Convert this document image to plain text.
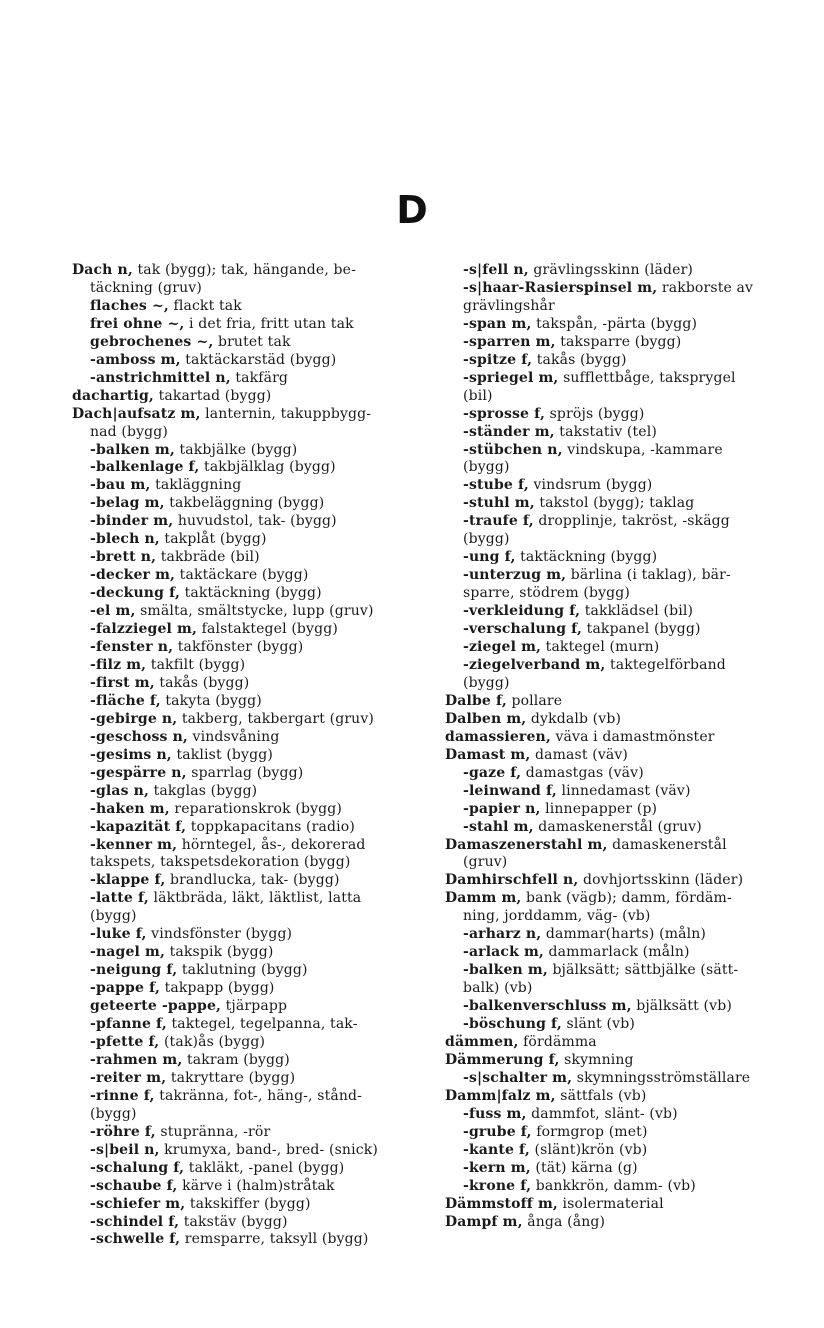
D

Dach n, tak (bygg); tak, hängande, be-

täckning (gruv)

flaches ~, flackt tak

frei ohne ~, i det fria, fritt utan tak

gebrochenes ~, brutet tak

-amboss m, taktäckarstäd (bygg)

-anstrichmittel n, takfärg

dachartig, takartad (bygg)

Dach|aufsatz m, lanternin, takuppbygg-

nad (bygg)

-balken m, takbjälke (bygg)

-balkenlage f, takbjälklag (bygg)

-bau m, takläggning

-belag m, takbeläggning (bygg)

-binder m, huvudstol, tak- (bygg)

-blech n, takplåt (bygg)

-brett n, takbräde (bil)

-decker m, taktäckare (bygg)

-deckung f, taktäckning (bygg)

-el m, smälta, smältstycke, lupp (gruv)

-falzziegel m, falstaktegel (bygg)

-fenster n, takfönster (bygg)

-filz m, takfilt (bygg)

-first m, takås (bygg)

-fläche f, takyta (bygg)

-gebirge n, takberg, takbergart (gruv)

-geschoss n, vindsvåning

-gesims n, taklist (bygg)

-gespärre n, sparrlag (bygg)

-glas n, takglas (bygg)

-haken m, reparationskrok (bygg)

-kapazität f, toppkapacitans (radio)

-kenner m, hörntegel, ås-, dekorerad

takspets, takspetsdekoration (bygg)

-klappe f, brandlucka, tak- (bygg)

-latte f, läktbräda, läkt, läktlist, latta

(bygg)

-luke f, vindsfönster (bygg)

-nagel m, takspik (bygg)

-neigung f, taklutning (bygg)

-pappe f, takpapp (bygg)

geteerte -pappe, tjärpapp

-pfanne f, taktegel, tegelpanna, tak-

-pfette f, (tak)ås (bygg)

-rahmen m, takram (bygg)

-reiter m, takryttare (bygg)

-rinne f, takränna, fot-, häng-, stånd-

(bygg)

-röhre f, stupränna, -rör

-s|beil n, krumyxa, band-, bred- (snick)

-schalung f, takläkt, -panel (bygg)

-schaube f, kärve i (halm)stråtak

-schiefer m, takskiffer (bygg)

-schindel f, takstäv (bygg)

-schwelle f, remsparre, taksyll (bygg)

-s|fell n, grävlingsskinn (läder)

-s|haar-Rasierspinsel m, rakborste av

grävlingshår

-span m, takspån, -pärta (bygg)

-sparren m, taksparre (bygg)

-spitze f, takås (bygg)

-spriegel m, sufflettbåge, taksprygel

(bil)

-sprosse f, spröjs (bygg)

-ständer m, takstativ (tel)

-stübchen n, vindskupa, -kammare

(bygg)

-stube f, vindsrum (bygg)

-stuhl m, takstol (bygg); taklag

-traufe f, dropplinje, takröst, -skägg

(bygg)

-ung f, taktäckning (bygg)

-unterzug m, bärlina (i taklag), bär-

sparre, stödrem (bygg)

-verkleidung f, takklädsel (bil)

-verschalung f, takpanel (bygg)

-ziegel m, taktegel (murn)

-ziegelverband m, taktegelförband

(bygg)

Dalbe f, pollare

Dalben m, dykdalb (vb)

damassieren, väva i damastmönster

Damast m, damast (väv)

-gaze f, damastgas (väv)

-leinwand f, linnedamast (väv)

-papier n, linnepapper (p)

-stahl m, damaskenerstål (gruv)

Damaszenerstahl m, damaskenerstål

(gruv)

Damhirschfell n, dovhjortsskinn (läder)

Damm m, bank (vägb); damm, fördäm-

ning, jorddamm, väg- (vb)

-arharz n, dammar(harts) (måln)

-arlack m, dammarlack (måln)

-balken m, bjälksätt; sättbjälke (sätt-

balk) (vb)

-balkenverschluss m, bjälksätt (vb)

-böschung f, slänt (vb)

dämmen, fördämma

Dämmerung f, skymning

-s|schalter m, skymningsströmställare

Damm|falz m, sättfals (vb)

-fuss m, dammfot, slänt- (vb)

-grube f, formgrop (met)

-kante f, (slänt)krön (vb)

-kern m, (tät) kärna (g)

-krone f, bankkrön, damm- (vb)

Dämmstoff m, isolermaterial

Dampf m, ånga (ång)
